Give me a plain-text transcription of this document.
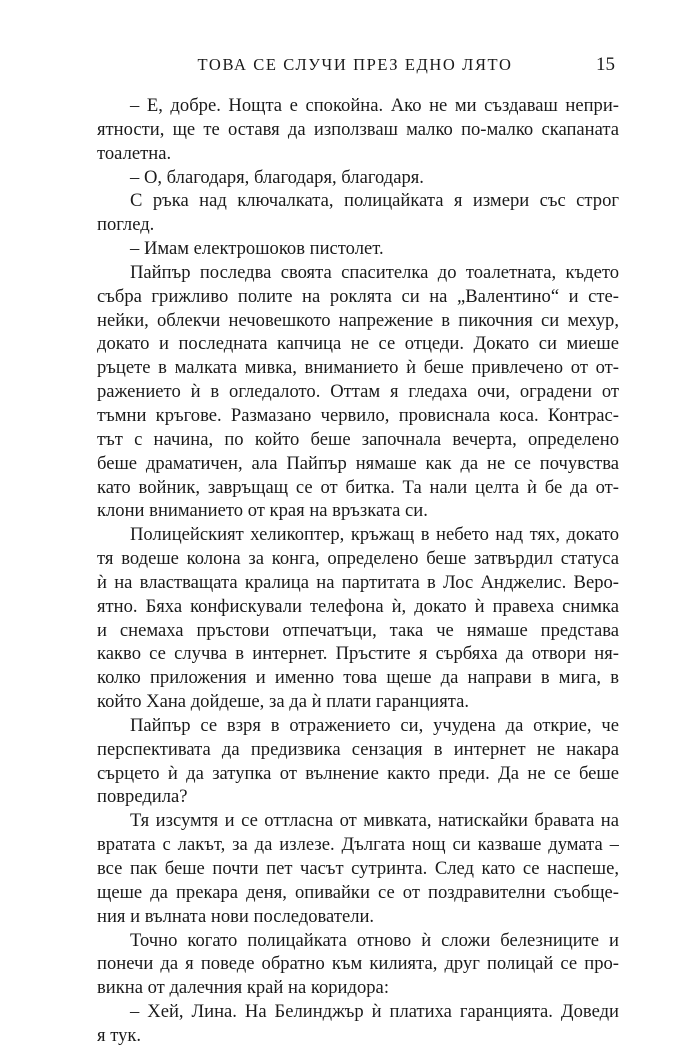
ТОВА СЕ СЛУЧИ ПРЕЗ ЕДНО ЛЯТО	15
– Е, добре. Нощта е спокойна. Ако не ми създаваш непри-
ятности, ще те оставя да използваш малко по-малко скапаната
тоалетна.
– О, благодаря, благодаря, благодаря.
С ръка над ключалката, полицайката я измери със строг
поглед.
– Имам електрошоков пистолет.
Пайпър последва своята спасителка до тоалетната, където
събра грижливо полите на роклята си на „Валентино“ и сте-
нейки, облекчи нечовешкото напрежение в пикочния си мехур,
докато и последната капчица не се отцеди. Докато си миеше
ръцете в малката мивка, вниманието ѝ беше привлечено от от-
ражението ѝ в огледалото. Оттам я гледаха очи, оградени от
тъмни кръгове. Размазано червило, провиснала коса. Контрас-
тът с начина, по който беше започнала вечерта, определено
беше драматичен, ала Пайпър нямаше как да не се почувства
като войник, завръщащ се от битка. Та нали целта ѝ бе да от-
клони вниманието от края на връзката си.
Полицейският хеликоптер, кръжащ в небето над тях, докато
тя водеше колона за конга, определено беше затвърдил статуса
ѝ на властващата кралица на партитата в Лос Анджелис. Веро-
ятно. Бяха конфискували телефона ѝ, докато ѝ правеха снимка
и снемаха пръстови отпечатъци, така че нямаше представа
какво се случва в интернет. Пръстите я сърбяха да отвори ня-
колко приложения и именно това щеше да направи в мига, в
който Хана дойдеше, за да ѝ плати гаранцията.
Пайпър се взря в отражението си, учудена да открие, че
перспективата да предизвика сензация в интернет не накара
сърцето ѝ да затупка от вълнение както преди. Да не се беше
повредила?
Тя изсумтя и се оттласна от мивката, натискайки бравата на
вратата с лакът, за да излезе. Дългата нощ си казваше думата –
все пак беше почти пет часът сутринта. След като се наспеше,
щеше да прекара деня, опивайки се от поздравителни съобще-
ния и вълната нови последователи.
Точно когато полицайката отново ѝ сложи белезниците и
понечи да я поведе обратно към килията, друг полицай се про-
викна от далечния край на коридора:
– Хей, Лина. На Белинджър ѝ платиха гаранцията. Доведи
я тук.
